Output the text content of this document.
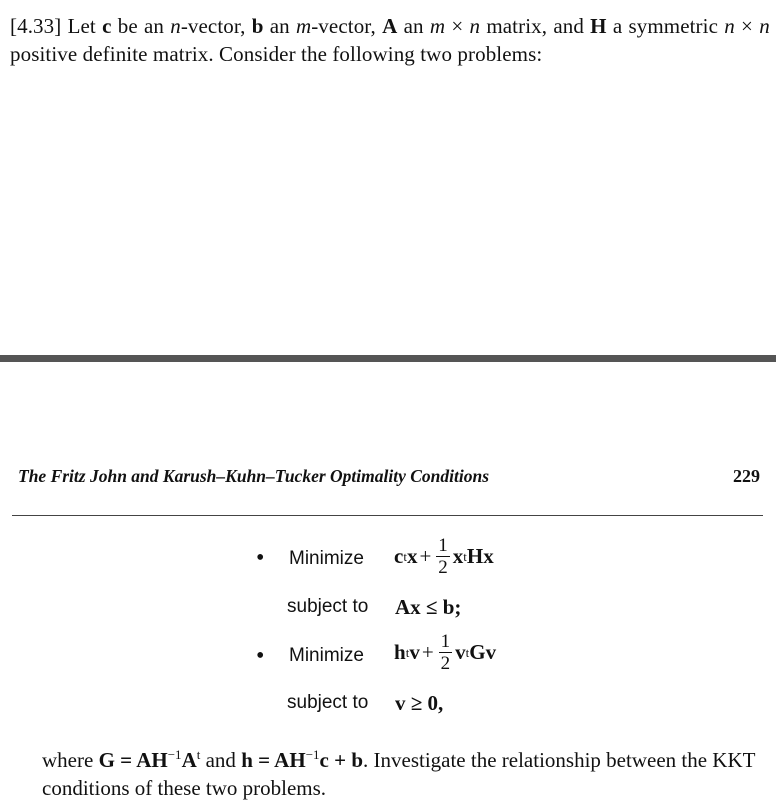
[4.33] Let c be an n-vector, b an m-vector, A an m × n matrix, and H a symmetric n × n positive definite matrix. Consider the following two problems:
The Fritz John and Karush–Kuhn–Tucker Optimality Conditions	229
• Minimize c t $x + \frac{1}{2}$ x t Hx
subject to Ax ≤ b;
• Minimize h t $v + \frac{1}{2}$ v t Gv
subject to v ≥ 0,
where $G = AH^{-1}A^t$ and $h = AH^{-1}c + b$. Investigate the relationship between the KKT conditions of these two problems.
